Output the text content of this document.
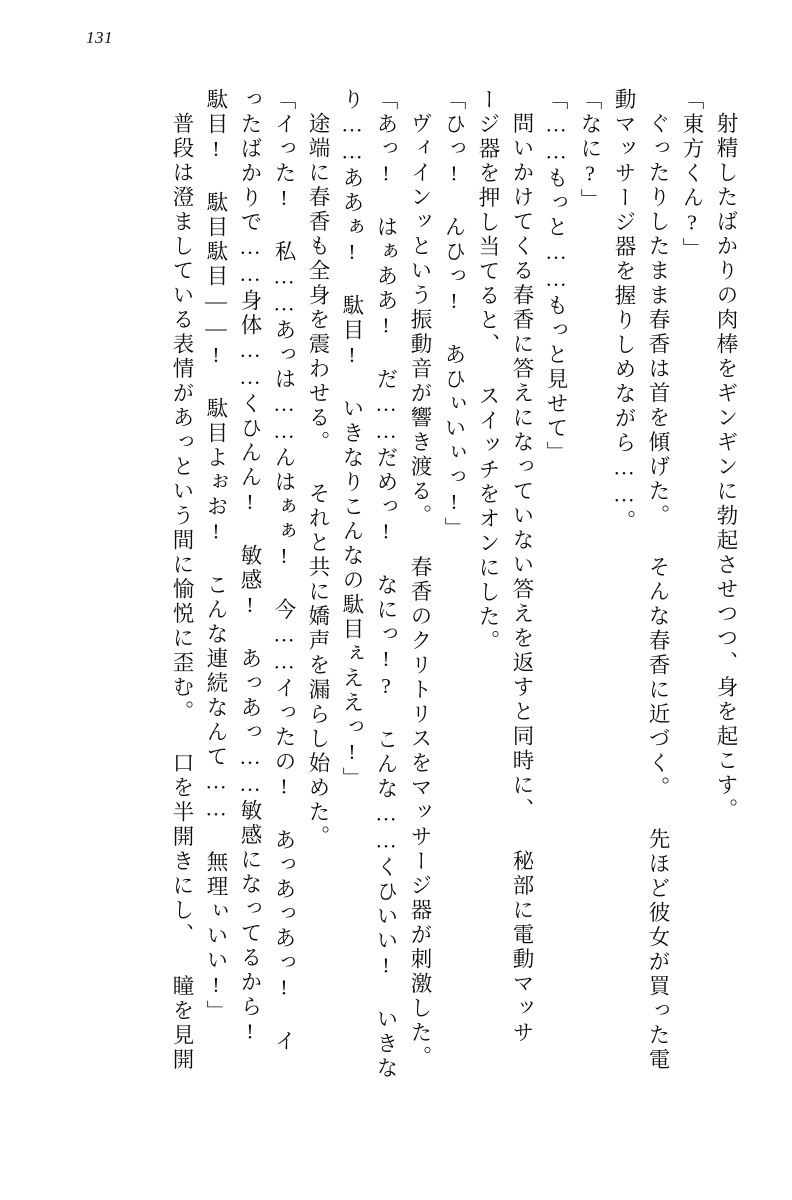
131
射精したばかりの肉棒をギンギンに勃起させつつ、身を起こす。
「東方くん?」
ぐったりしたまま春香は首を傾げた。 そんな春香に近づく。 先ほど彼女が買った電
動マッサージ器を握りしめながら……。
「なに?」
「……もっと……もっと見せて」
問いかけてくる春香に答えになっていない答えを返すと同時に、 秘部に電動マッサ
ージ器を押し当てると、 スイッチをオンにした。
「ひっ! んひっ! あひぃいぃっ!」
ヴィインッという振動音が響き渡る。 春香のクリトリスをマッサージ器が刺激した。
「あっ! はぁああ! だ……だめっ! なにっ!? こんな……くひいい! いきな
り……ああぁ! 駄目! いきなりこんなの駄目ぇええっ!」
途端に春香も全身を震わせる。 それと共に嬌声を漏らし始めた。
「イった! 私……あっは……んはぁぁ! 今……イったの! あっあっあっ! イ
ったばかりで……身体……くひんん! 敏感! あっあっ……敏感になってるから!
駄目! 駄目駄目――! 駄目よぉお! こんな連続なんて…… 無理ぃいい!」
普段は澄ましている表情があっという間に愉悦に歪む。 口を半開きにし、 瞳を見開
